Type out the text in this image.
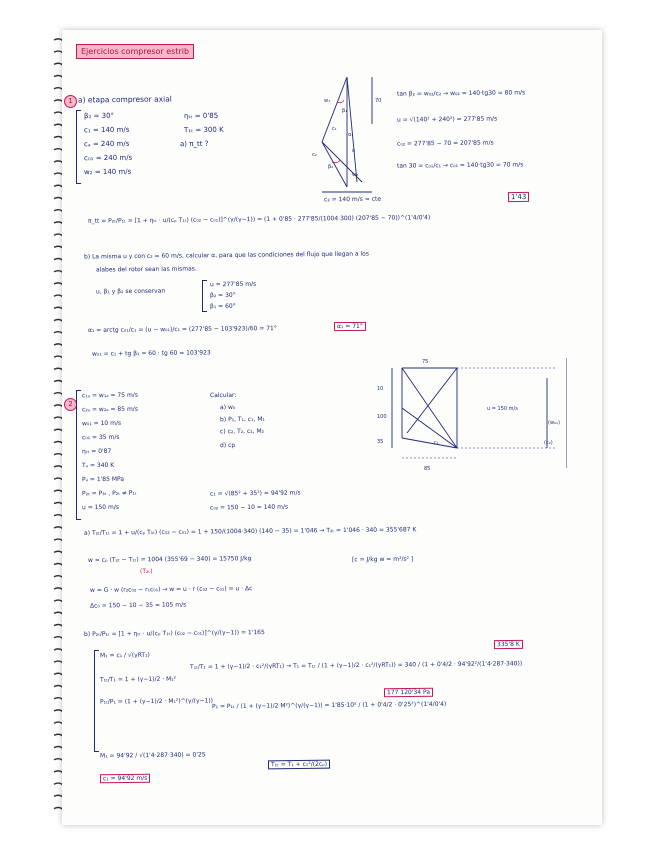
Ejercicios compresor estrib
1 a) etapa compresor axial
β₂ = 30°
c₁ = 140 m/s
cₐ = 240 m/s
c₀₁ = 240 m/s
w₂ = 140 m/s
ηₜₜ = 0'85
T₁ₜ = 300 K
a) π_tt ?
w₁
β₁
c₁
α₁
u
β₂
c₂
w₂
70
c₂ = 140 m/s = cte
tan β₂ = w₀₂/c₂ → w₀₂ = 140·tg30 = 80 m/s
u = √(140² + 240²) = 277'85 m/s
c₀₂ = 277'85 − 70 = 207'85 m/s
tan 30 = c₀₁/c₁ → c₀₁ = 140·tg30 = 70 m/s
π_tt = P₂ₜ/P₁ₜ = [1 + ηₜₜ · u/(cₚ T₁ₜ) (c₀₂ − c₀₁)]^(γ/(γ−1)) = (1 + 0'85 · 277'85/(1004·300) (207'85 − 70))^(1'4/0'4)
1'43
b) La misma u y con c₂ = 60 m/s, calcular α, para que las condiciones del flujo que llegan a los
alabes del rotor sean las mismas.
u, β₁ y β₂ se conservan
u = 277'85 m/s
β₂ = 30°
β₁ = 60°
α₁ = arctg c₀₁/c₁ = (u − w₀₁)/c₁ = (277'85 − 103'923)/60 = 71°	α₁ = 71°
w₀₁ = c₁ + tg β₁ = 60 · tg 60 = 103'923
2
c₁ₐ = w₁ₐ = 75 m/s
c₂ₐ = w₂ₐ = 85 m/s
w₀₁ = 10 m/s
c₀₁ = 35 m/s
ηₜₜ = 0'87
Tₐ = 340 K
Pₐ = 1'85 MPa
P₂ₜ = P₃ₜ , P₂ₜ ≠ P₁ₜ
u = 150 m/s
Calcular:
a) w₀
b) P₁, T₁, c₁, M₁
c) c₂, T₂, c₂, M₂
d) cp
c₁ = √(85² + 35²) = 94'92 m/s
c₀₂ = 150 − 10 = 140 m/s
75
10
100
35
u = 150 m/s
c₁
85
(w₀₁)
(c₀)
a) T₂ₜ/T₁ₜ = 1 + u/(cₚ T₁ₜ) (c₀₂ − c₀₁) = 1 + 150/(1004·340) (140 − 35) = 1'046 → T₂ₜ = 1'046 · 340 = 355'687 K
w = cₚ (T₂ₜ − T₁ₜ) = 1004 (355'69 − 340) = 15750 J/kg	[c = J/kg w = m²/s² ]
(T₂ₜ)
w = G · w (r₂c₀₂ − r₁c₀₁) → w = u · r (c₀₂ − c₀₁) = u · Δc
Δc₀ = 150 − 10 − 35 = 105 m/s
b) P₂ₜ/P₁ₜ = [1 + ηₜₜ · u/(cₚ T₁ₜ) (c₀₂ − c₀₁)]^(γ/(γ−1)) = 1'165
M₁ = c₁ / √(γRT₁)
T₁ₜ/T₁ = 1 + (γ−1)/2 · M₁²
P₁ₜ/P₁ = (1 + (γ−1)/2 · M₁²)^(γ/(γ−1))
M₁ = 94'92 / √(1'4·287·340) = 0'25
c₁ = 94'92 m/s
T₁ₜ/T₁ = 1 + (γ−1)/2 · c₁²/(γRT₁) → T₁ = T₁ₜ / (1 + (γ−1)/2 · c₁²/(γRT₁)) = 340 / (1 + 0'4/2 · 94'92²/(1'4·287·340))
335'8 K
P₁ = P₁ₜ / (1 + (γ−1)/2 M²)^(γ/(γ−1)) = 1'85·10⁵ / (1 + 0'4/2 · 0'25²)^(1'4/0'4)
177 120'34 Pa
T₁ₜ = T₁ + c₁²/(2cₚ)
